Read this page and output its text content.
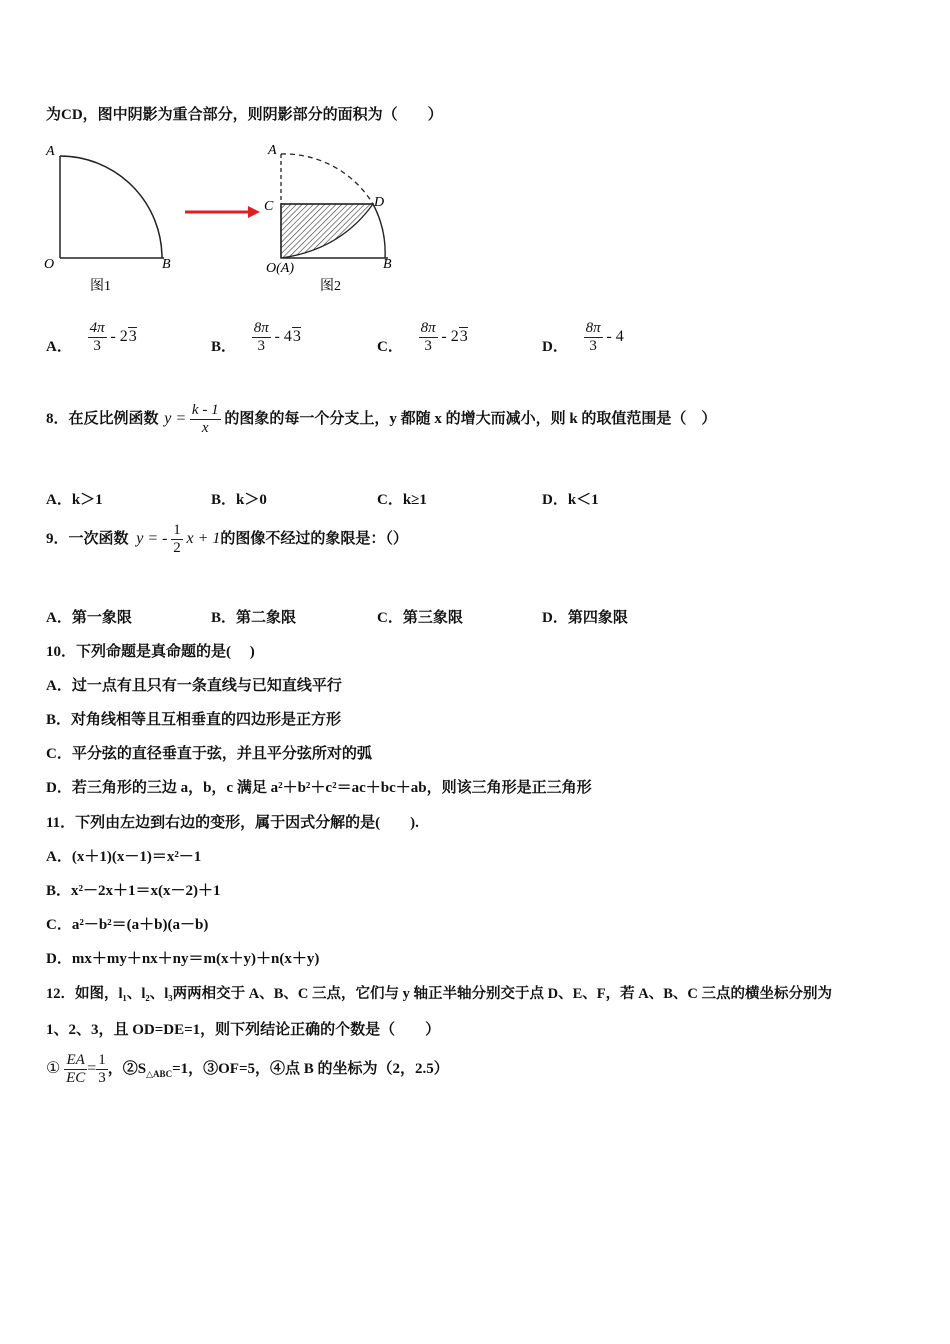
为CD，图中阴影为重合部分，则阴影部分的面积为（　　）
A
O	B
图1
A
C	D
O(A)	B
图2
A． $\frac{4\pi}{3} - 23$
B． $\frac{8\pi}{3} - 43$
C． $\frac{8\pi}{3} - 23$
D． $\frac{8\pi}{3} - 4$
8．在反比例函数 $y = \frac{k - 1}{x}$ 的图象的每一个分支上，y 都随 x 的增大而减小，则 k 的取值范围是（　）
A．k＞1	B．k＞0	C．k≥1	D．k＜1
9．一次函数 y = - $\frac{1}{2}$ x + 1的图像不经过的象限是：（）
A．第一象限	B．第二象限	C．第三象限	D．第四象限
10．下列命题是真命题的是(　 )
A．过一点有且只有一条直线与已知直线平行
B．对角线相等且互相垂直的四边形是正方形
C．平分弦的直径垂直于弦，并且平分弦所对的弧
D．若三角形的三边 a，b，c 满足 a²＋b²＋c²＝ac＋bc＋ab，则该三角形是正三角形
11．下列由左边到右边的变形，属于因式分解的是(　　).
A．(x＋1)(x－1)＝x²－1
B．x²－2x＋1＝x(x－2)＋1
C．a²－b²＝(a＋b)(a－b)
D．mx＋my＋nx＋ny＝m(x＋y)＋n(x＋y)
12．如图，l₁、l₂、l₃两两相交于 A、B、C 三点，它们与 y 轴正半轴分别交于点 D、E、F，若 A、B、C 三点的横坐标分别为
1、2、3，且 OD=DE=1，则下列结论正确的个数是（　　）
① $\frac{EA}{EC} = \frac{1}{3}$ ，$②S_{\triangle ABC}=1$，③OF=5，④点 B 的坐标为（2，2.5）
